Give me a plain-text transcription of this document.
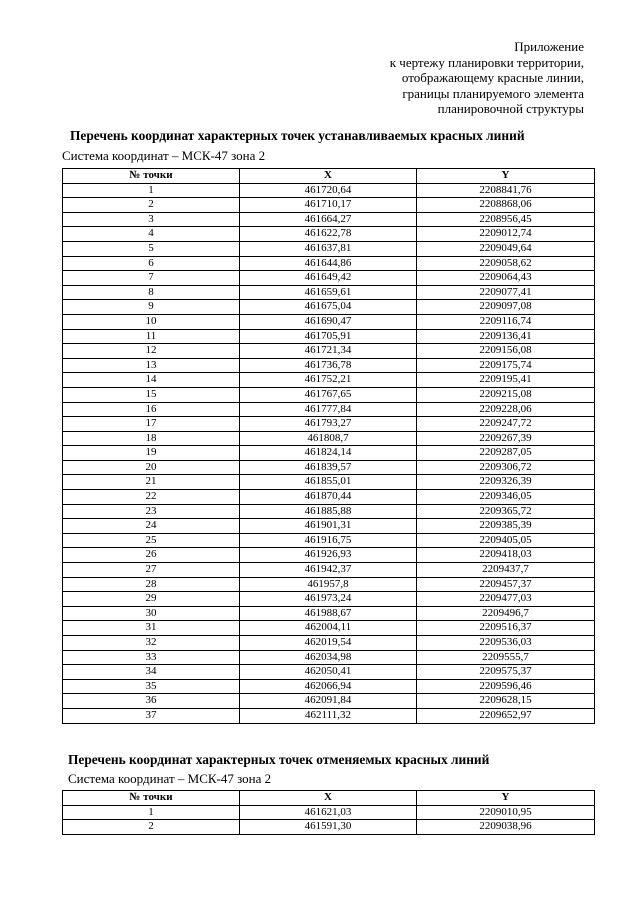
Приложение
к чертежу планировки территории,
отображающему красные линии,
границы планируемого элемента
планировочной структуры
Перечень координат характерных точек устанавливаемых красных линий
Система координат – МСК-47 зона 2
№ точки	X	Y
1	461720,64	2208841,76
2	461710,17	2208868,06
3	461664,27	2208956,45
4	461622,78	2209012,74
5	461637,81	2209049,64
6	461644,86	2209058,62
7	461649,42	2209064,43
8	461659,61	2209077,41
9	461675,04	2209097,08
10	461690,47	2209116,74
11	461705,91	2209136,41
12	461721,34	2209156,08
13	461736,78	2209175,74
14	461752,21	2209195,41
15	461767,65	2209215,08
16	461777,84	2209228,06
17	461793,27	2209247,72
18	461808,7	2209267,39
19	461824,14	2209287,05
20	461839,57	2209306,72
21	461855,01	2209326,39
22	461870,44	2209346,05
23	461885,88	2209365,72
24	461901,31	2209385,39
25	461916,75	2209405,05
26	461926,93	2209418,03
27	461942,37	2209437,7
28	461957,8	2209457,37
29	461973,24	2209477,03
30	461988,67	2209496,7
31	462004,11	2209516,37
32	462019,54	2209536,03
33	462034,98	2209555,7
34	462050,41	2209575,37
35	462066,94	2209596,46
36	462091,84	2209628,15
37	462111,32	2209652,97
Перечень координат характерных точек отменяемых красных линий
Система координат – МСК-47 зона 2
№ точки	X	Y
1	461621,03	2209010,95
2	461591,30	2209038,96
